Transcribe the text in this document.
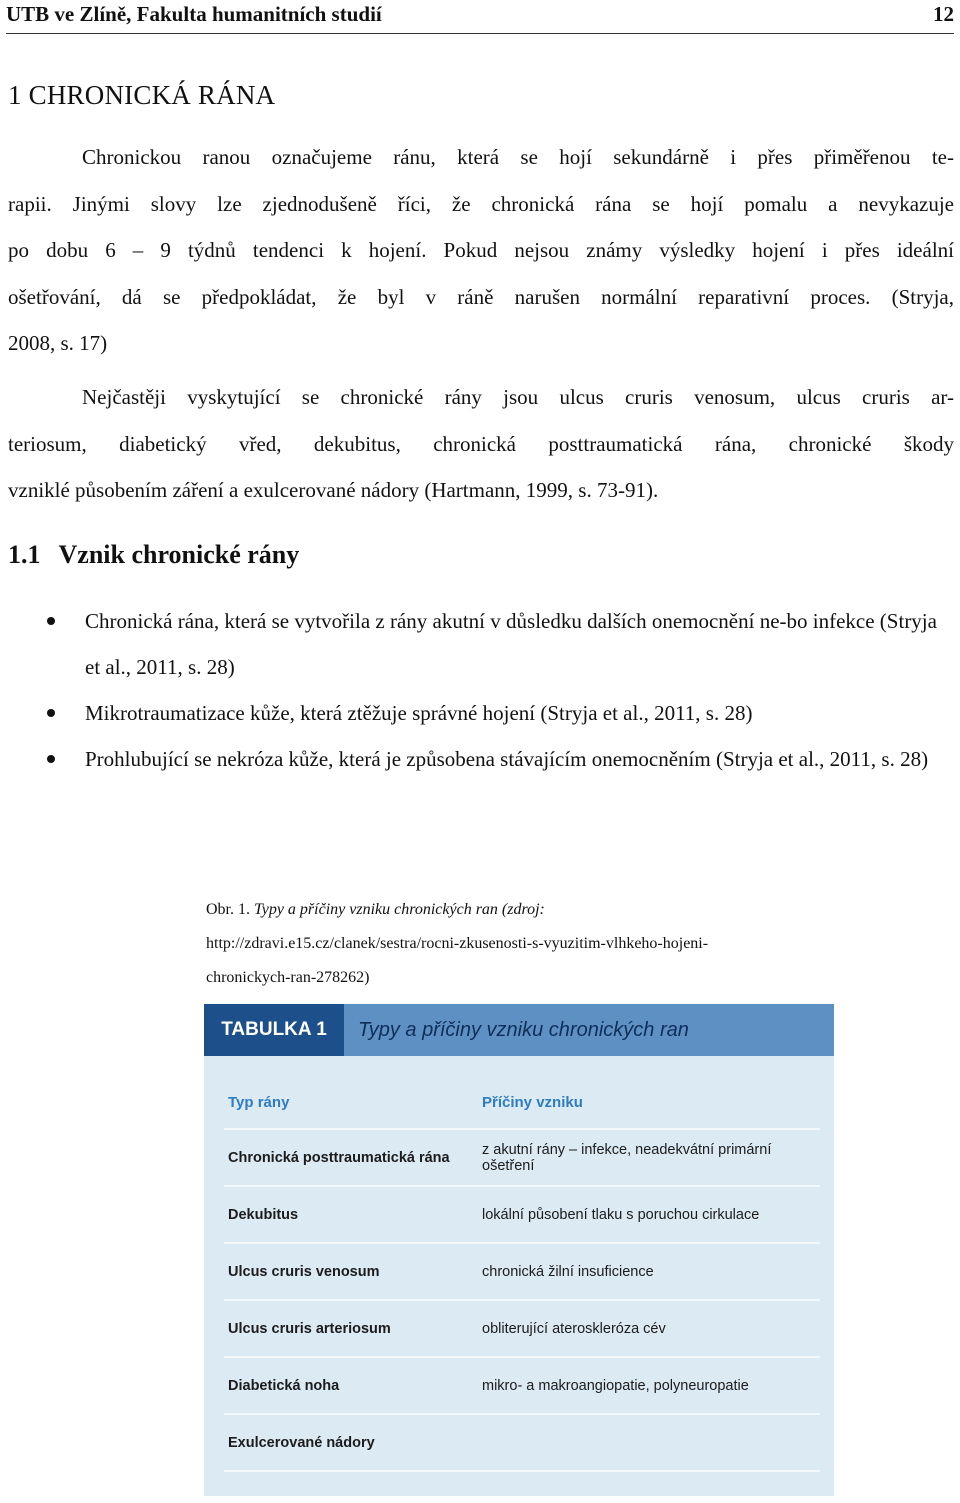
UTB ve Zlíně, Fakulta humanitních studií	12
1 CHRONICKÁ RÁNA
Chronickou ranou označujeme ránu, která se hojí sekundárně i přes přiměřenou te-
rapii. Jinými slovy lze zjednodušeně říci, že chronická rána se hojí pomalu a nevykazuje
po dobu 6 – 9 týdnů tendenci k hojení. Pokud nejsou známy výsledky hojení i přes ideální
ošetřování, dá se předpokládat, že byl v ráně narušen normální reparativní proces. (Stryja,
2008, s. 17)
Nejčastěji vyskytující se chronické rány jsou ulcus cruris venosum, ulcus cruris ar-
teriosum, diabetický vřed, dekubitus, chronická posttraumatická rána, chronické škody
vzniklé působením záření a exulcerované nádory (Hartmann, 1999, s. 73-91).
1.1 Vznik chronické rány
Chronická rána, která se vytvořila z rány akutní v důsledku dalších onemocnění ne-bo infekce (Stryja et al., 2011, s. 28)
Mikrotraumatizace kůže, která ztěžuje správné hojení (Stryja et al., 2011, s. 28)
Prohlubující se nekróza kůže, která je způsobena stávajícím onemocněním (Stryja et al., 2011, s. 28)
Obr. 1. Typy a příčiny vzniku chronických ran (zdroj:
http://zdravi.e15.cz/clanek/sestra/rocni-zkusenosti-s-vyuzitim-vlhkeho-hojeni-
chronickych-ran-278262)
TABULKA 1	Typy a příčiny vzniku chronických ran
Typ rány	Příčiny vzniku
Chronická posttraumatická rána	z akutní rány – infekce, neadekvátní primární ošetření
Dekubitus	lokální působení tlaku s poruchou cirkulace
Ulcus cruris venosum	chronická žilní insuficience
Ulcus cruris arteriosum	obliterující ateroskleróza cév
Diabetická noha	mikro- a makroangiopatie, polyneuropatie
Exulcerované nádory
